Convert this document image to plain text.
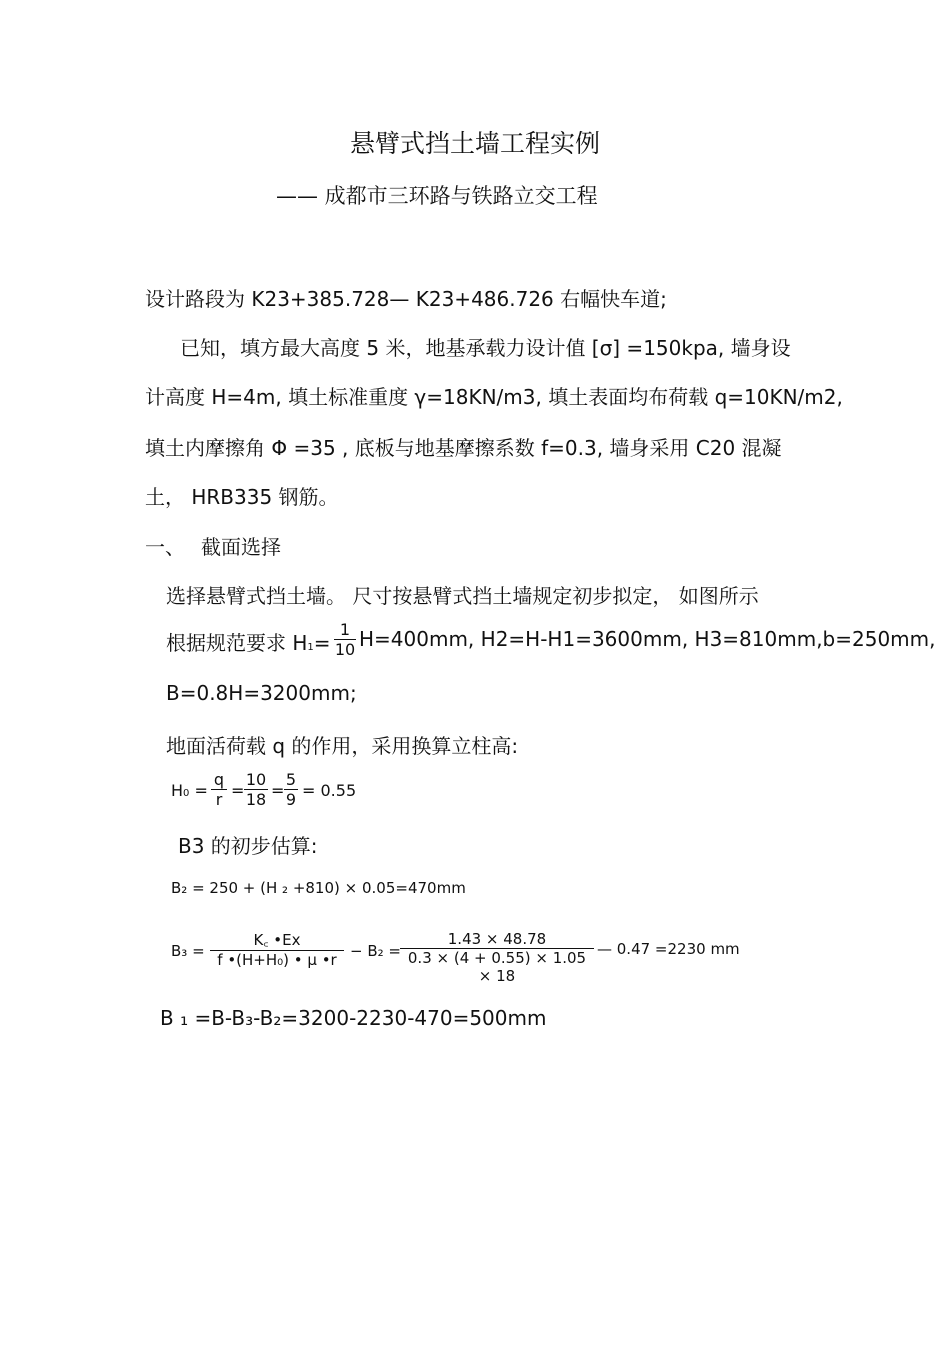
悬臂式挡土墙工程实例
—— 成都市三环路与铁路立交工程
设计路段为 K23+385.728— K23+486.726 右幅快车道;
已知，填方最大高度 5 米，地基承载力设计值 [σ] =150kpa, 墙身设
计高度 H=4m, 填土标准重度 γ=18KN/m3, 填土表面均布荷载 q=10KN/m2,
填土内摩擦角 Φ =35 , 底板与地基摩擦系数 f=0.3, 墙身采用 C20 混凝
土， HRB335 钢筋。
一、 截面选择
选择悬臂式挡土墙。 尺寸按悬臂式挡土墙规定初步拟定， 如图所示
根据规范要求 H1=
1
10 H=400mm, H2=H-H1=3600mm, H3=810mm,b=250mm,
B=0.8H=3200mm;
地面活荷载 q 的作用，采用换算立柱高:
H0 =
q
r =
10
18 =
5
9 = 0.55
B3 的初步估算:
B₂ = 250 + (H ₂ +810) × 0.05=470mm
B₃ =
K꜀ •Ex
f •(H+H₀) • μ •r − B₂ =
1.43 × 48.78
0.3 × (4 + 0.55) × 1.05 × 18
— 0.47 =2230 mm
B ₁ =B-B₃-B₂=3200-2230-470=500mm
